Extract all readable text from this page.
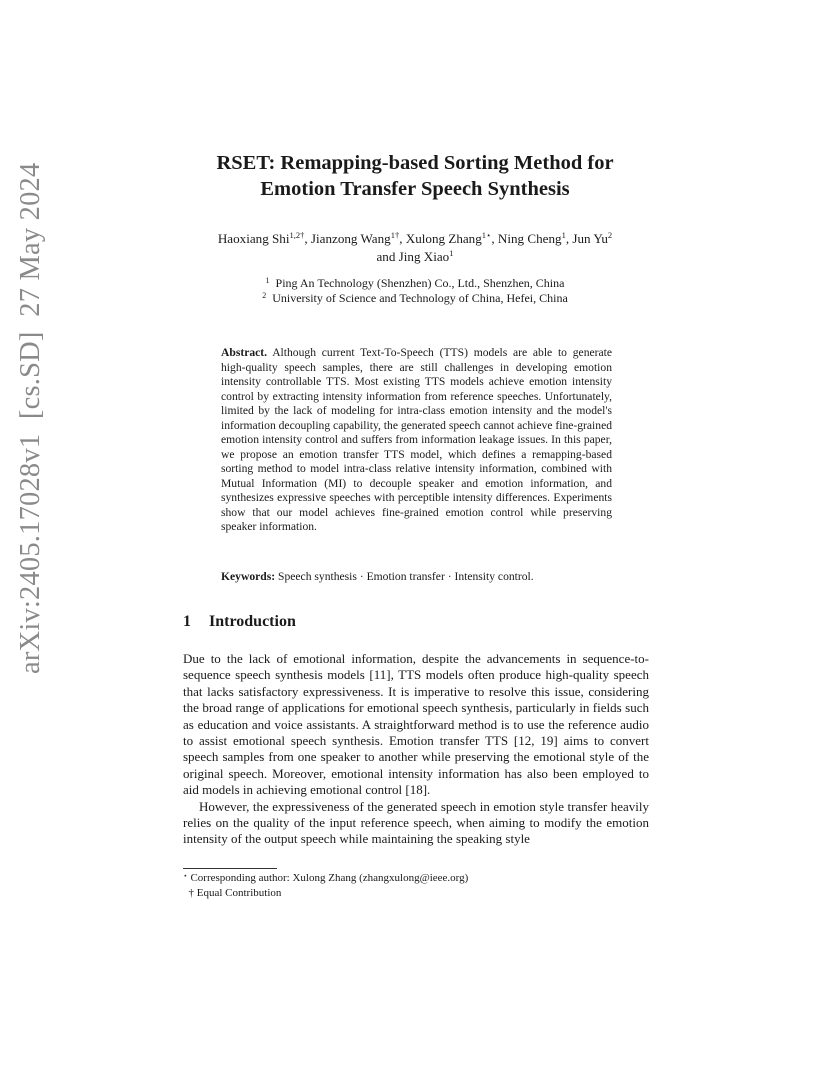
arXiv:2405.17028v1  [cs.SD]  27 May 2024	RSET: Remapping-based Sorting Method for
Emotion Transfer Speech Synthesis
Haoxiang Shi$^{1,2\dagger}$, Jianzong Wang$^{1\dagger}$, Xulong Zhang$^{1⋆}$, Ning Cheng$^1$, Jun Yu$^2$
and Jing Xiao$^1$
$^1$ Ping An Technology (Shenzhen) Co., Ltd., Shenzhen, China
$^2$ University of Science and Technology of China, Hefei, China
Abstract. Although current Text-To-Speech (TTS) models are able to generate high-quality speech samples, there are still challenges in developing emotion intensity controllable TTS. Most existing TTS models achieve emotion intensity control by extracting intensity information from reference speeches. Unfortunately, limited by the lack of modeling for intra-class emotion intensity and the model's information decoupling capability, the generated speech cannot achieve fine-grained emotion intensity control and suffers from information leakage issues. In this paper, we propose an emotion transfer TTS model, which defines a remapping-based sorting method to model intra-class relative intensity information, combined with Mutual Information (MI) to decouple speaker and emotion information, and synthesizes expressive speeches with perceptible intensity differences. Experiments show that our model achieves fine-grained emotion control while preserving speaker information.
Keywords: Speech synthesis · Emotion transfer · Intensity control.
1 Introduction

Due to the lack of emotional information, despite the advancements in sequence-to-sequence speech synthesis models [11], TTS models often produce high-quality speech that lacks satisfactory expressiveness. It is imperative to resolve this issue, considering the broad range of applications for emotional speech synthesis, particularly in fields such as education and voice assistants. A straightforward method is to use the reference audio to assist emotional speech synthesis. Emotion transfer TTS [12, 19] aims to convert speech samples from one speaker to another while preserving the emotional style of the original speech. Moreover, emotional intensity information has also been employed to aid models in achieving emotional control [18].

However, the expressiveness of the generated speech in emotion style transfer heavily relies on the quality of the input reference speech, when aiming to modify the emotion intensity of the output speech while maintaining the speaking style

⋆ Corresponding author: Xulong Zhang (zhangxulong@ieee.org)
† Equal Contribution
